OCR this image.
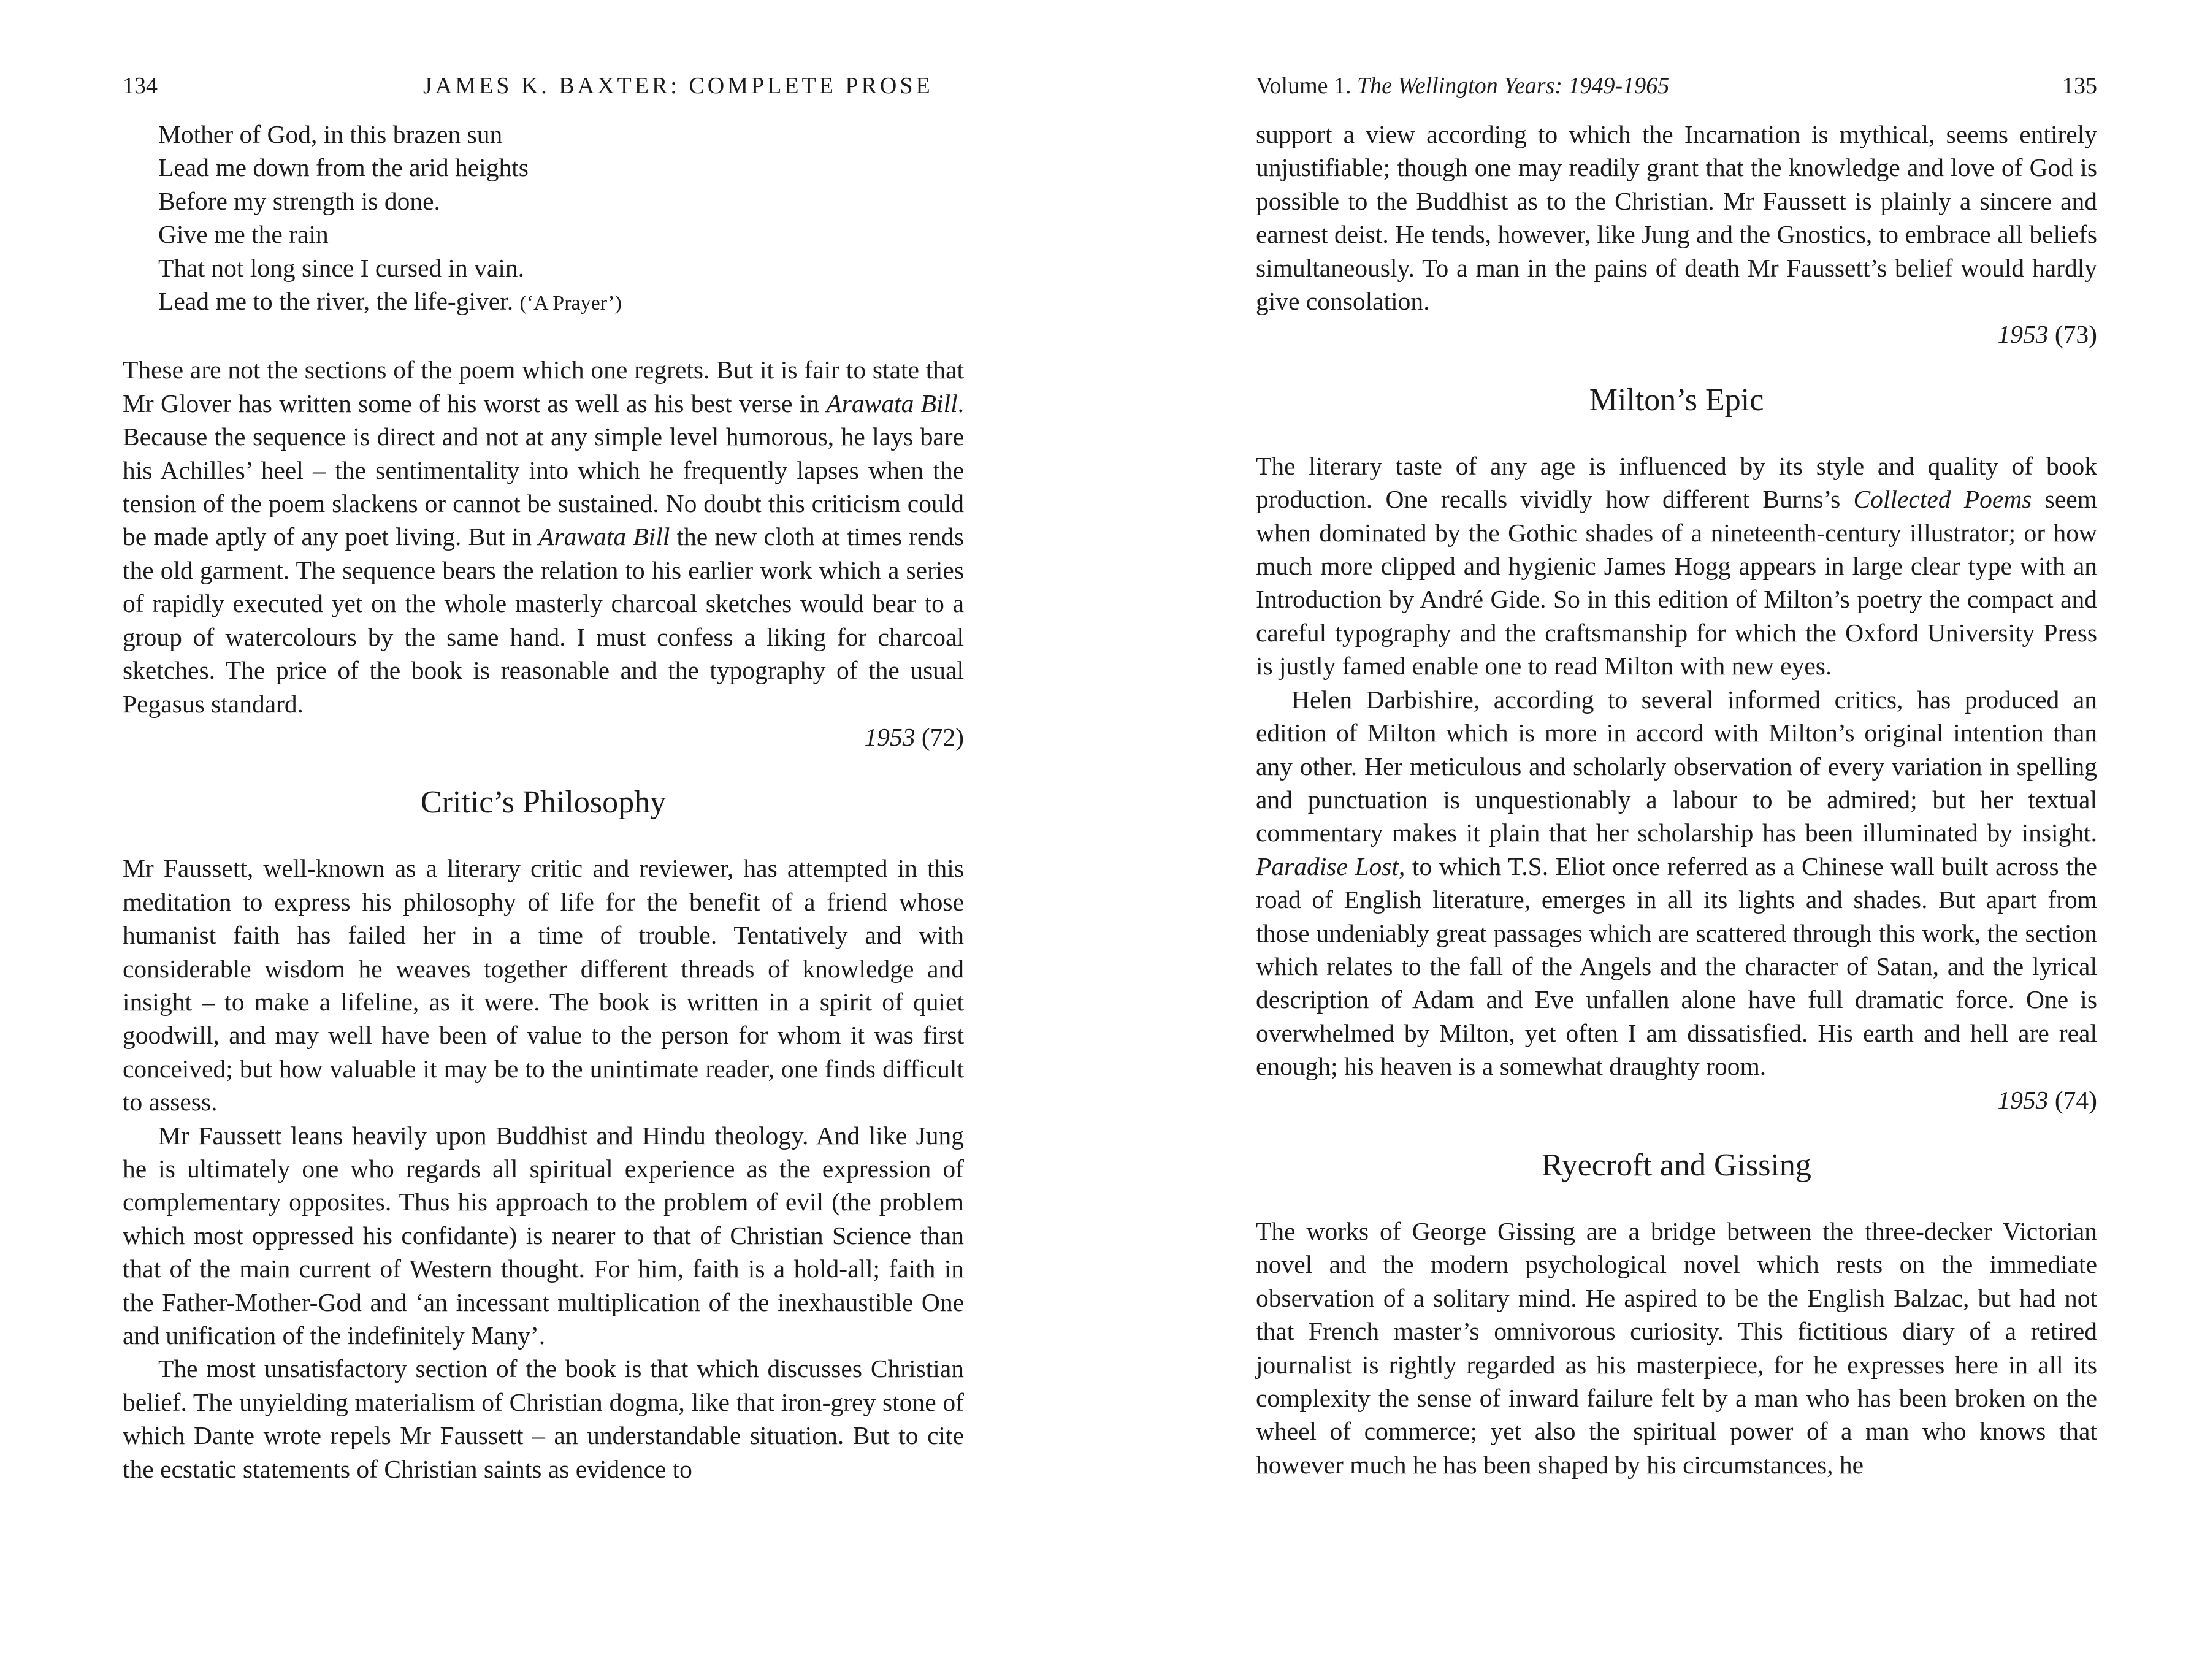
134	JAMES K. BAXTER: COMPLETE PROSE
Mother of God, in this brazen sun
Lead me down from the arid heights
Before my strength is done.
Give me the rain
That not long since I cursed in vain.
Lead me to the river, the life-giver. (‘A Prayer’)

These are not the sections of the poem which one regrets. But it is fair to state that Mr Glover has written some of his worst as well as his best verse in Arawata Bill. Because the sequence is direct and not at any simple level humorous, he lays bare his Achilles’ heel – the sentimentality into which he frequently lapses when the tension of the poem slackens or cannot be sustained. No doubt this criticism could be made aptly of any poet living. But in Arawata Bill the new cloth at times rends the old garment. The sequence bears the relation to his earlier work which a series of rapidly executed yet on the whole masterly charcoal sketches would bear to a group of watercolours by the same hand. I must confess a liking for charcoal sketches. The price of the book is reasonable and the typography of the usual Pegasus standard.

1953 (72)
Critic’s Philosophy

Mr Faussett, well-known as a literary critic and reviewer, has attempted in this meditation to express his philosophy of life for the benefit of a friend whose humanist faith has failed her in a time of trouble. Tentatively and with considerable wisdom he weaves together different threads of knowledge and insight – to make a lifeline, as it were. The book is written in a spirit of quiet goodwill, and may well have been of value to the person for whom it was first conceived; but how valuable it may be to the unintimate reader, one finds difficult to assess.

Mr Faussett leans heavily upon Buddhist and Hindu theology. And like Jung he is ultimately one who regards all spiritual experience as the expression of complementary opposites. Thus his approach to the problem of evil (the problem which most oppressed his confidante) is nearer to that of Christian Science than that of the main current of Western thought. For him, faith is a hold-all; faith in the Father-Mother-God and ‘an incessant multiplication of the inexhaustible One and unification of the indefinitely Many’.

The most unsatisfactory section of the book is that which discusses Christian belief. The unyielding materialism of Christian dogma, like that iron-grey stone of which Dante wrote repels Mr Faussett – an understandable situation. But to cite the ecstatic statements of Christian saints as evidence to

Volume 1. The Wellington Years: 1949-1965	135

support a view according to which the Incarnation is mythical, seems entirely unjustifiable; though one may readily grant that the knowledge and love of God is possible to the Buddhist as to the Christian. Mr Faussett is plainly a sincere and earnest deist. He tends, however, like Jung and the Gnostics, to embrace all beliefs simultaneously. To a man in the pains of death Mr Faussett’s belief would hardly give consolation.

1953 (73)
Milton’s Epic

The literary taste of any age is influenced by its style and quality of book production. One recalls vividly how different Burns’s Collected Poems seem when dominated by the Gothic shades of a nineteenth-century illustrator; or how much more clipped and hygienic James Hogg appears in large clear type with an Introduction by André Gide. So in this edition of Milton’s poetry the compact and careful typography and the craftsmanship for which the Oxford University Press is justly famed enable one to read Milton with new eyes.

Helen Darbishire, according to several informed critics, has produced an edition of Milton which is more in accord with Milton’s original intention than any other. Her meticulous and scholarly observation of every variation in spelling and punctuation is unquestionably a labour to be admired; but her textual commentary makes it plain that her scholarship has been illuminated by insight. Paradise Lost, to which T.S. Eliot once referred as a Chinese wall built across the road of English literature, emerges in all its lights and shades. But apart from those undeniably great passages which are scattered through this work, the section which relates to the fall of the Angels and the character of Satan, and the lyrical description of Adam and Eve unfallen alone have full dramatic force. One is overwhelmed by Milton, yet often I am dissatisfied. His earth and hell are real enough; his heaven is a somewhat draughty room.

1953 (74)
Ryecroft and Gissing

The works of George Gissing are a bridge between the three-decker Victorian novel and the modern psychological novel which rests on the immediate observation of a solitary mind. He aspired to be the English Balzac, but had not that French master’s omnivorous curiosity. This fictitious diary of a retired journalist is rightly regarded as his masterpiece, for he expresses here in all its complexity the sense of inward failure felt by a man who has been broken on the wheel of commerce; yet also the spiritual power of a man who knows that however much he has been shaped by his circumstances, he
